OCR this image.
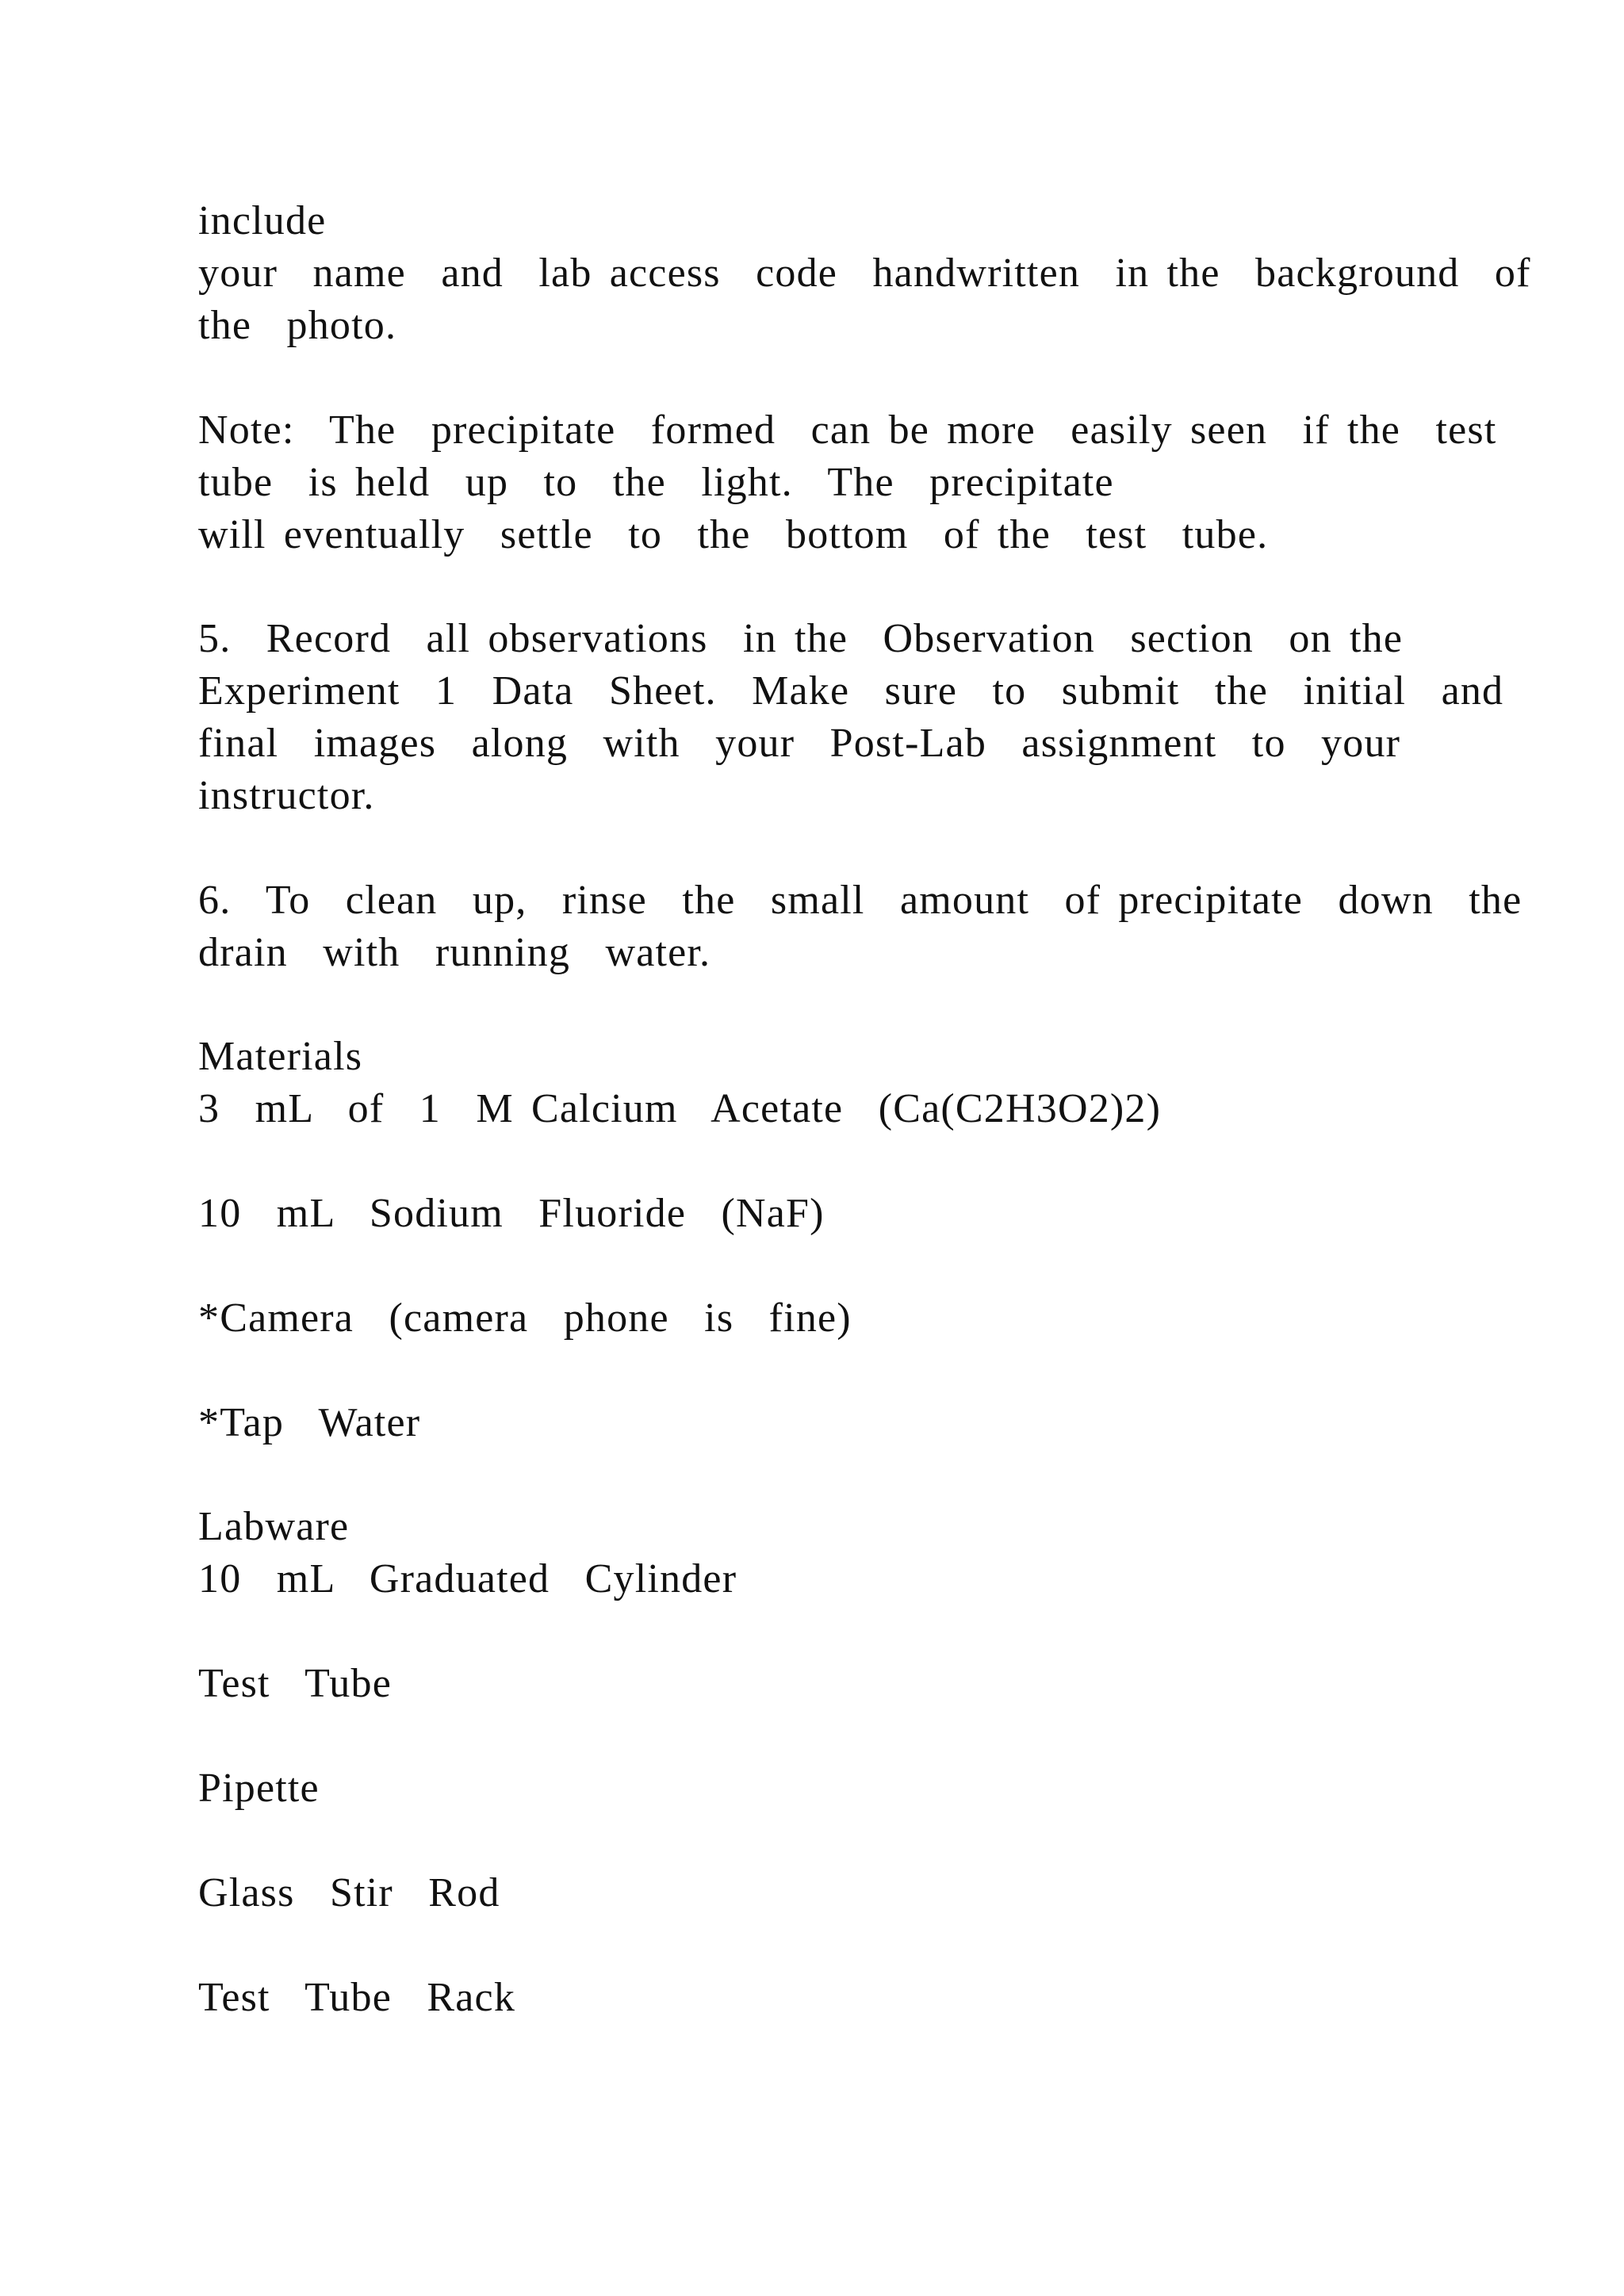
include
your  name  and  lab access  code  handwritten  in the  background  of
the  photo.
Note:  The  precipitate  formed  can be more  easily seen  if the  test
tube  is held  up  to  the  light.  The  precipitate
will eventually  settle  to  the  bottom  of the  test  tube.
5.  Record  all observations  in the  Observation  section  on the
Experiment  1  Data  Sheet.  Make  sure  to  submit  the  initial  and
final  images  along  with  your  Post-Lab  assignment  to  your
instructor.
6.  To  clean  up,  rinse  the  small  amount  of precipitate  down  the
drain  with  running  water.
Materials
3  mL  of  1  M Calcium  Acetate  (Ca(C2H3O2)2)
10  mL  Sodium  Fluoride  (NaF)
*Camera  (camera  phone  is  fine)
*Tap  Water
Labware
10  mL  Graduated  Cylinder
Test  Tube
Pipette
Glass  Stir  Rod
Test  Tube  Rack
